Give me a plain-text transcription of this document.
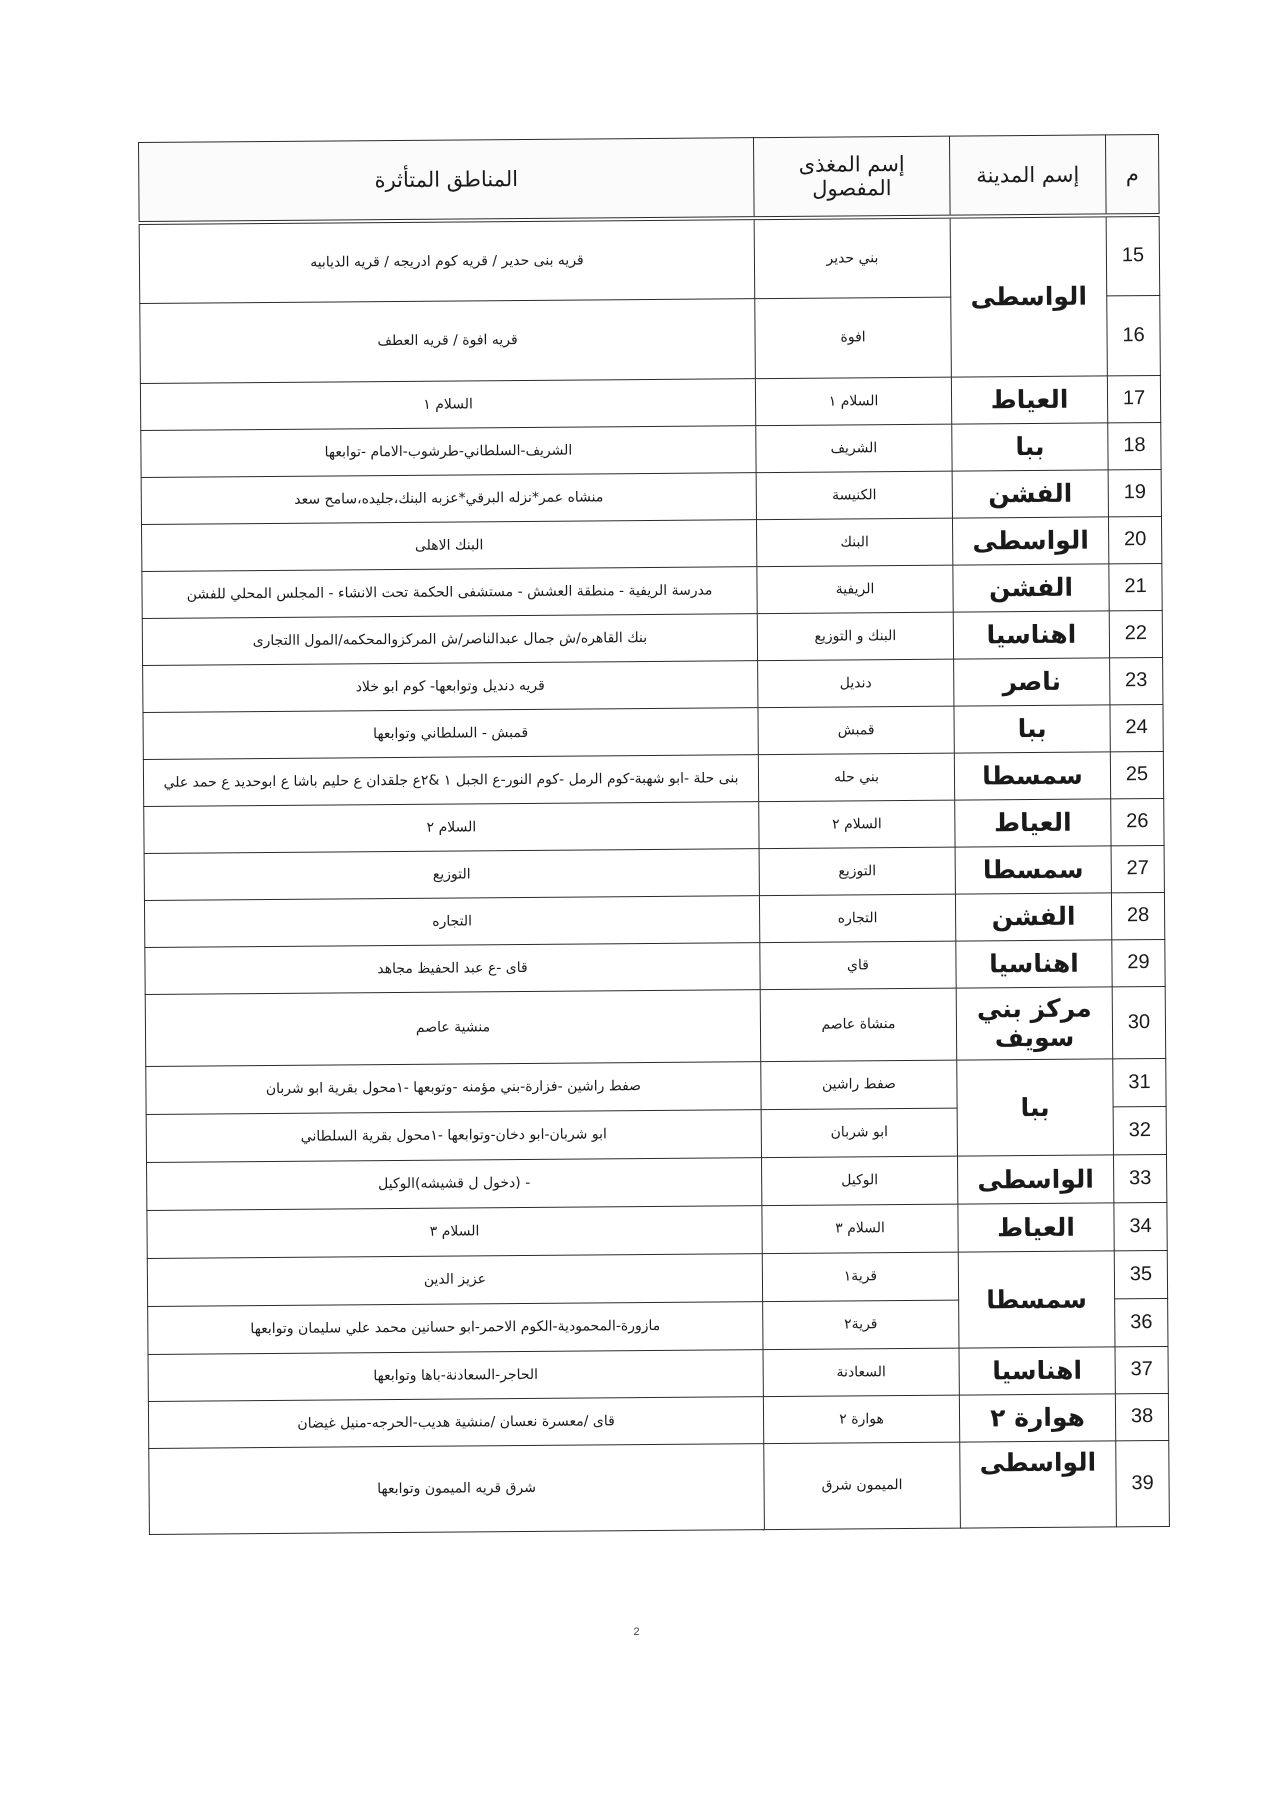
م	إسم المدينة	إسم المغذى المفصول	المناطق المتأثرة
15	الواسطى	بني حدير	قريه بنى حدير / قريه كوم ادريجه / قريه الديابيه
16		افوة	قريه افوة / قريه العطف
17	العياط	السلام ١	السلام ١
18	ببا	الشريف	الشريف-السلطاني-طرشوب-الامام -توابعها
19	الفشن	الكنيسة	منشاه عمر*نزله البرقي*عزبه البنك،جليده،سامح سعد
20	الواسطى	البنك	البنك الاهلى
21	الفشن	الريفية	مدرسة الريفية - منطقة العشش - مستشفى الحكمة تحت الانشاء - المجلس المحلي للفشن
22	اهناسيا	البنك و التوزيع	بنك القاهره/ش جمال عبدالناصر/ش المركزوالمحكمه/المول االتجارى
23	ناصر	دنديل	قريه دنديل وتوابعها- كوم ابو خلاد
24	ببا	قمبش	قمبش - السلطاني وتوابعها
25	سمسطا	بني حله	بنى حلة -ابو شهبة-كوم الرمل -كوم النور-ع الجبل ١ &٢ع جلقدان ع حليم باشا ع ابوحديد ع حمد علي
26	العياط	السلام ٢	السلام ٢
27	سمسطا	التوزيع	التوزيع
28	الفشن	التجاره	التجاره
29	اهناسيا	قاي	قاى -ع عبد الحفيظ مجاهد
30	مركز بني سويف	منشاة عاصم	منشية عاصم
31	ببا	صفط راشين	صفط راشين -فزارة-بني مؤمنه -وتوبعها -١محول بقرية ابو شربان
32		ابو شربان	ابو شربان-ابو دخان-وتوابعها -١محول بقرية السلطاني
33	الواسطى	الوكيل	- (دخول ل قشيشه)الوكيل
34	العياط	السلام ٣	السلام ٣
35	سمسطا	قرية١	عزيز الدين
36		قرية٢	مازورة-المحمودية-الكوم الاحمر-ابو حسانين محمد علي سليمان وتوابعها
37	اهناسيا	السعادنة	الحاجر-السعادنة-باها وتوابعها
38	هوارة ٢	هوارة ٢	قاى /معسرة نعسان /منشية هديب-الحرجه-منيل غيضان
39	الواسطى	الميمون شرق	شرق قريه الميمون وتوابعها
2
